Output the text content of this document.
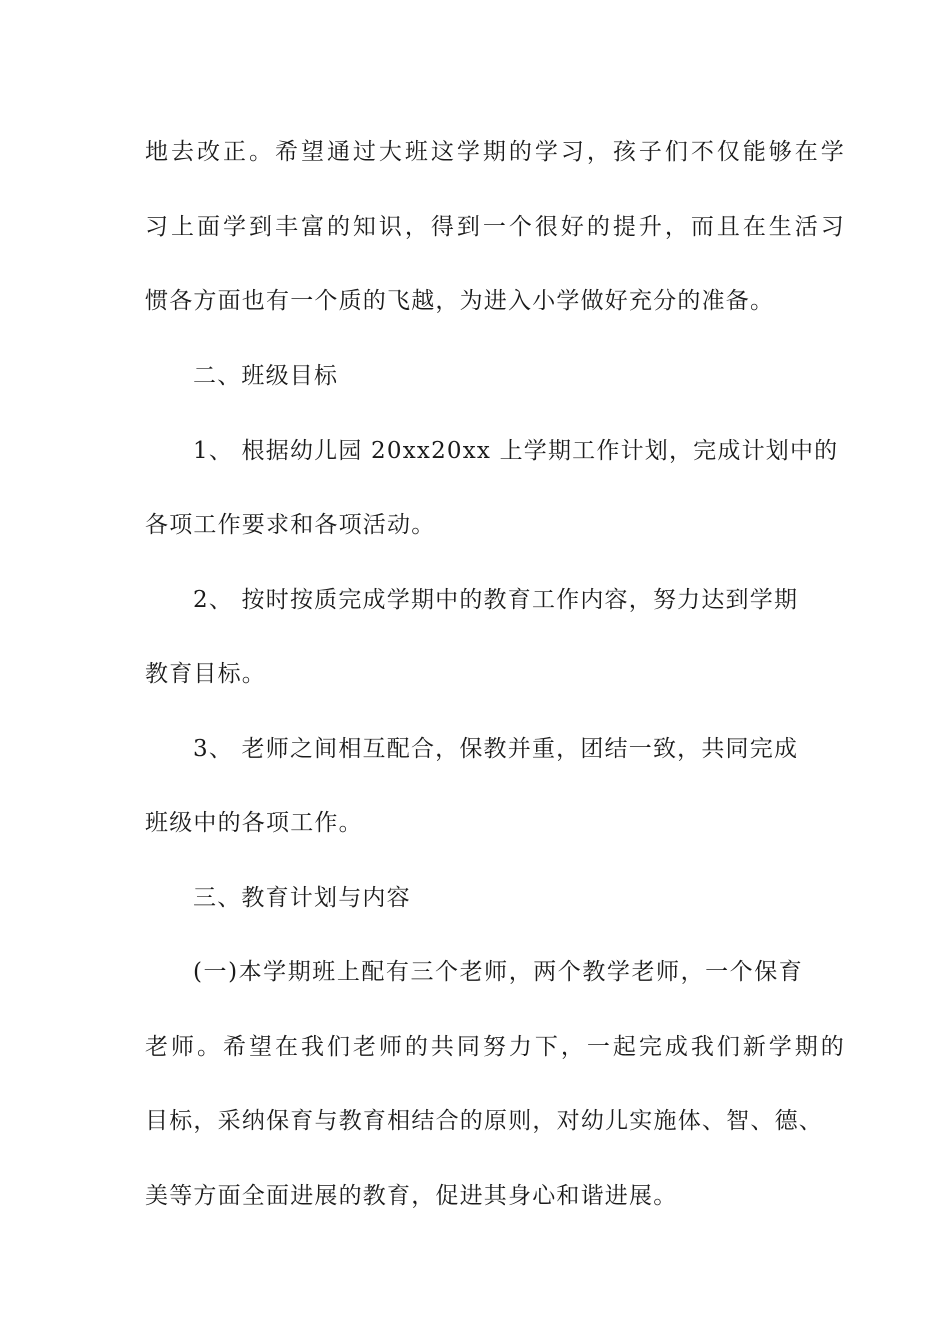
地去改正。希望通过大班这学期的学习，孩子们不仅能够在学
习上面学到丰富的知识，得到一个很好的提升，而且在生活习
惯各方面也有一个质的飞越，为进入小学做好充分的准备。
二、班级目标
1、 根据幼儿园 20xx20xx 上学期工作计划，完成计划中的
各项工作要求和各项活动。
2、 按时按质完成学期中的教育工作内容，努力达到学期
教育目标。
3、 老师之间相互配合，保教并重，团结一致，共同完成
班级中的各项工作。
三、教育计划与内容
(一)本学期班上配有三个老师，两个教学老师，一个保育
老师。希望在我们老师的共同努力下，一起完成我们新学期的
目标，采纳保育与教育相结合的原则，对幼儿实施体、智、德、
美等方面全面进展的教育，促进其身心和谐进展。
